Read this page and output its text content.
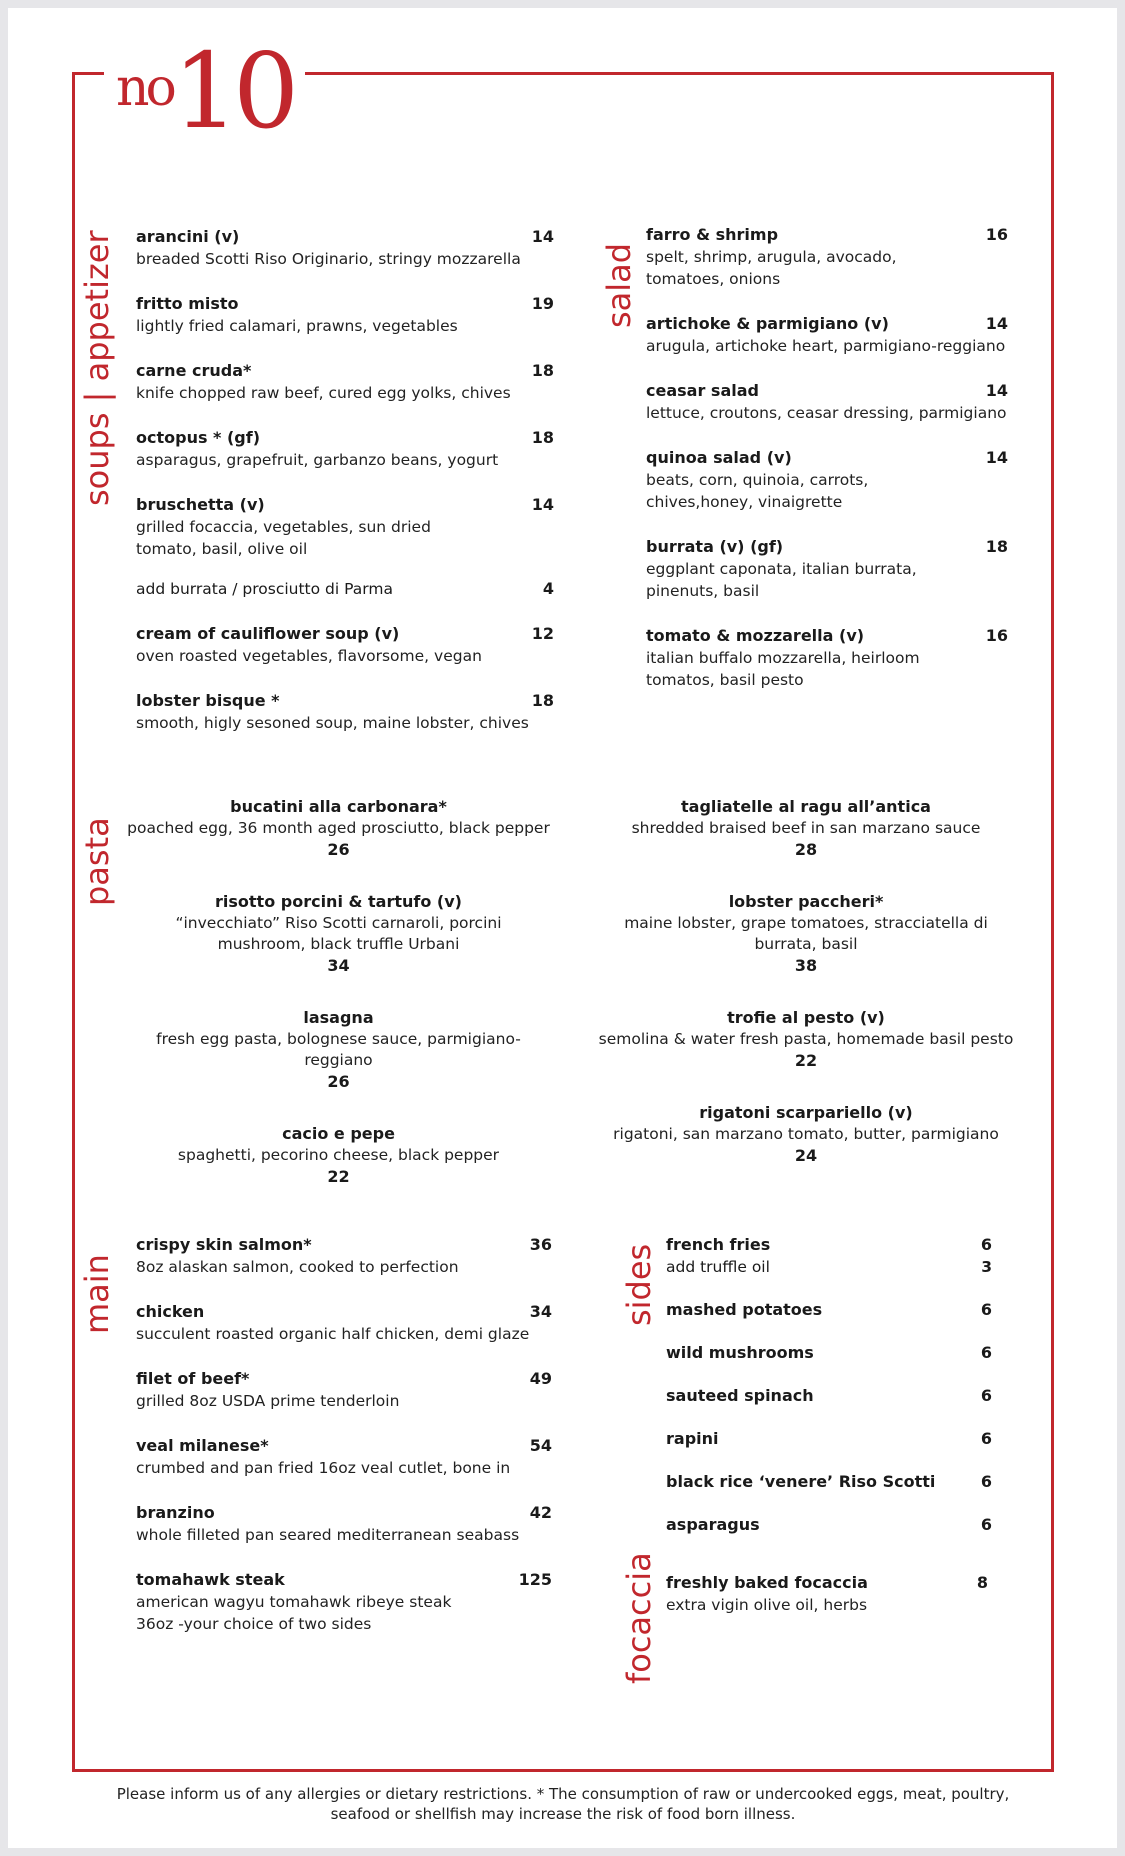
no10
soups | appetizer	salad
pasta
main	sides
focaccia
arancini (v)	14
breaded Scotti Riso Originario, stringy mozzarella
fritto misto	19
lightly fried calamari, prawns, vegetables
carne cruda*	18
knife chopped raw beef, cured egg yolks, chives
octopus * (gf)	18
asparagus, grapefruit, garbanzo beans, yogurt
bruschetta (v)	14
grilled focaccia, vegetables, sun dried tomato, basil, olive oil
add burrata / prosciutto di Parma	4
cream of cauliflower soup (v)	12
oven roasted vegetables, flavorsome, vegan
lobster bisque *	18
smooth, higly sesoned soup, maine lobster, chives
farro & shrimp	16
spelt, shrimp, arugula, avocado, tomatoes, onions
artichoke & parmigiano (v)	14
arugula, artichoke heart, parmigiano-reggiano
ceasar salad	14
lettuce, croutons, ceasar dressing, parmigiano
quinoa salad (v)	14
beats, corn, quinoia, carrots, chives,honey, vinaigrette
burrata (v) (gf)	18
eggplant caponata, italian burrata, pinenuts, basil
tomato & mozzarella (v)	16
italian buffalo mozzarella, heirloom tomatos, basil pesto
bucatini alla carbonara*
poached egg, 36 month aged prosciutto, black pepper
26
risotto porcini & tartufo (v)
“invecchiato” Riso Scotti carnaroli, porcini mushroom, black truffle Urbani
34
lasagna
fresh egg pasta, bolognese sauce, parmigiano-reggiano
26
cacio e pepe
spaghetti, pecorino cheese, black pepper
22
tagliatelle al ragu all’antica
shredded braised beef in san marzano sauce
28
lobster paccheri*
maine lobster, grape tomatoes, stracciatella di burrata, basil
38
trofie al pesto (v)
semolina & water fresh pasta, homemade basil pesto
22
rigatoni scarpariello (v)
rigatoni, san marzano tomato, butter, parmigiano
24
crispy skin salmon*	36
8oz alaskan salmon, cooked to perfection
chicken	34
succulent roasted organic half chicken, demi glaze
filet of beef*	49
grilled 8oz USDA prime tenderloin
veal milanese*	54
crumbed and pan fried 16oz veal cutlet, bone in
branzino	42
whole filleted pan seared mediterranean seabass
tomahawk steak	125
american wagyu tomahawk ribeye steak 36oz -your choice of two sides
french fries	6
add truffle oil	3
mashed potatoes	6
wild mushrooms	6
sauteed spinach	6
rapini	6
black rice ‘venere’ Riso Scotti	6
asparagus	6
freshly baked focaccia	8
extra vigin olive oil, herbs
Please inform us of any allergies or dietary restrictions. * The consumption of raw or undercooked eggs, meat, poultry, seafood or shellfish may increase the risk of food born illness.
